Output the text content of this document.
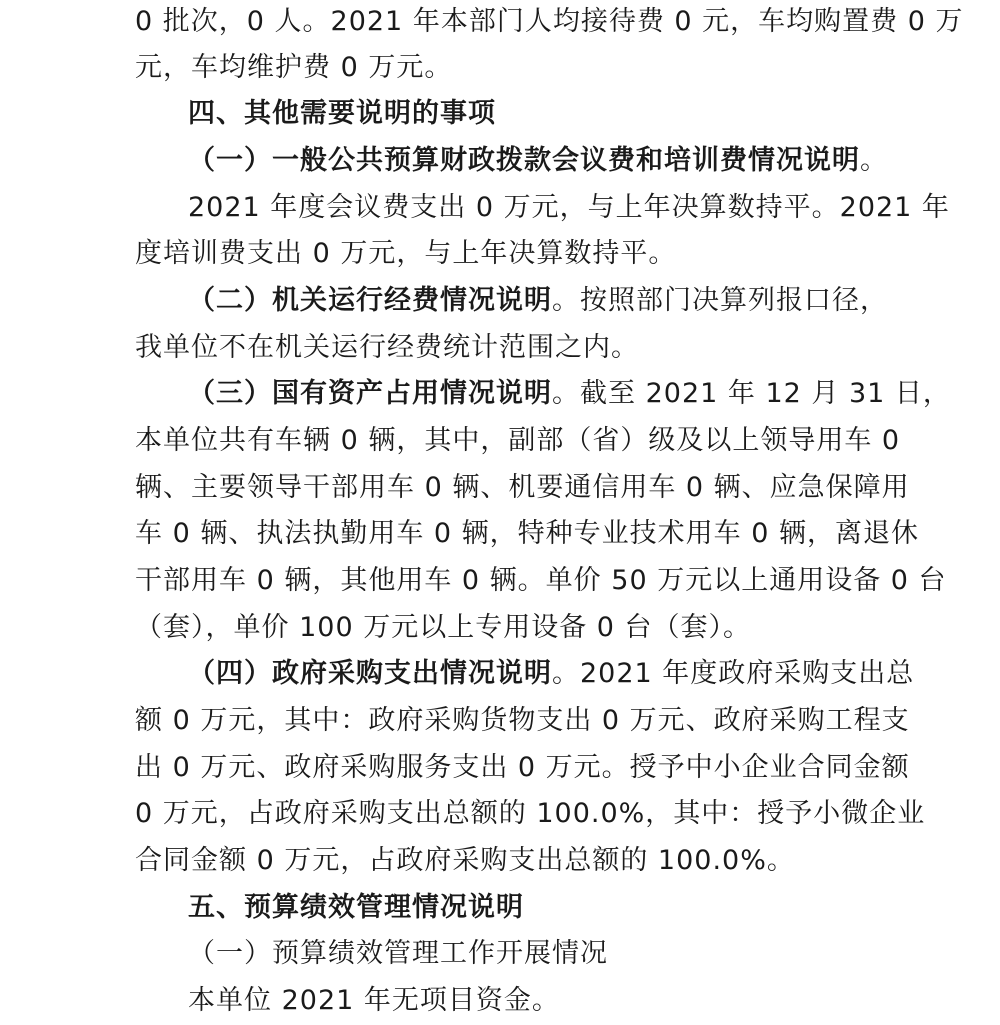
0 批次，0 人。2021 年本部门人均接待费 0 元，车均购置费 0 万
元，车均维护费 0 万元。
四、其他需要说明的事项
（一）一般公共预算财政拨款会议费和培训费情况说明。
2021 年度会议费支出 0 万元，与上年决算数持平。2021 年
度培训费支出 0 万元，与上年决算数持平。
（二）机关运行经费情况说明。按照部门决算列报口径，
我单位不在机关运行经费统计范围之内。
（三）国有资产占用情况说明。截至 2021 年 12 月 31 日，
本单位共有车辆 0 辆，其中，副部（省）级及以上领导用车 0
辆、主要领导干部用车 0 辆、机要通信用车 0 辆、应急保障用
车 0 辆、执法执勤用车 0 辆，特种专业技术用车 0 辆，离退休
干部用车 0 辆，其他用车 0 辆。单价 50 万元以上通用设备 0 台
（套），单价 100 万元以上专用设备 0 台（套）。
（四）政府采购支出情况说明。2021 年度政府采购支出总
额 0 万元，其中：政府采购货物支出 0 万元、政府采购工程支
出 0 万元、政府采购服务支出 0 万元。授予中小企业合同金额
0 万元，占政府采购支出总额的 100.0%，其中：授予小微企业
合同金额 0 万元，占政府采购支出总额的 100.0%。
五、预算绩效管理情况说明
（一）预算绩效管理工作开展情况
本单位 2021 年无项目资金。
